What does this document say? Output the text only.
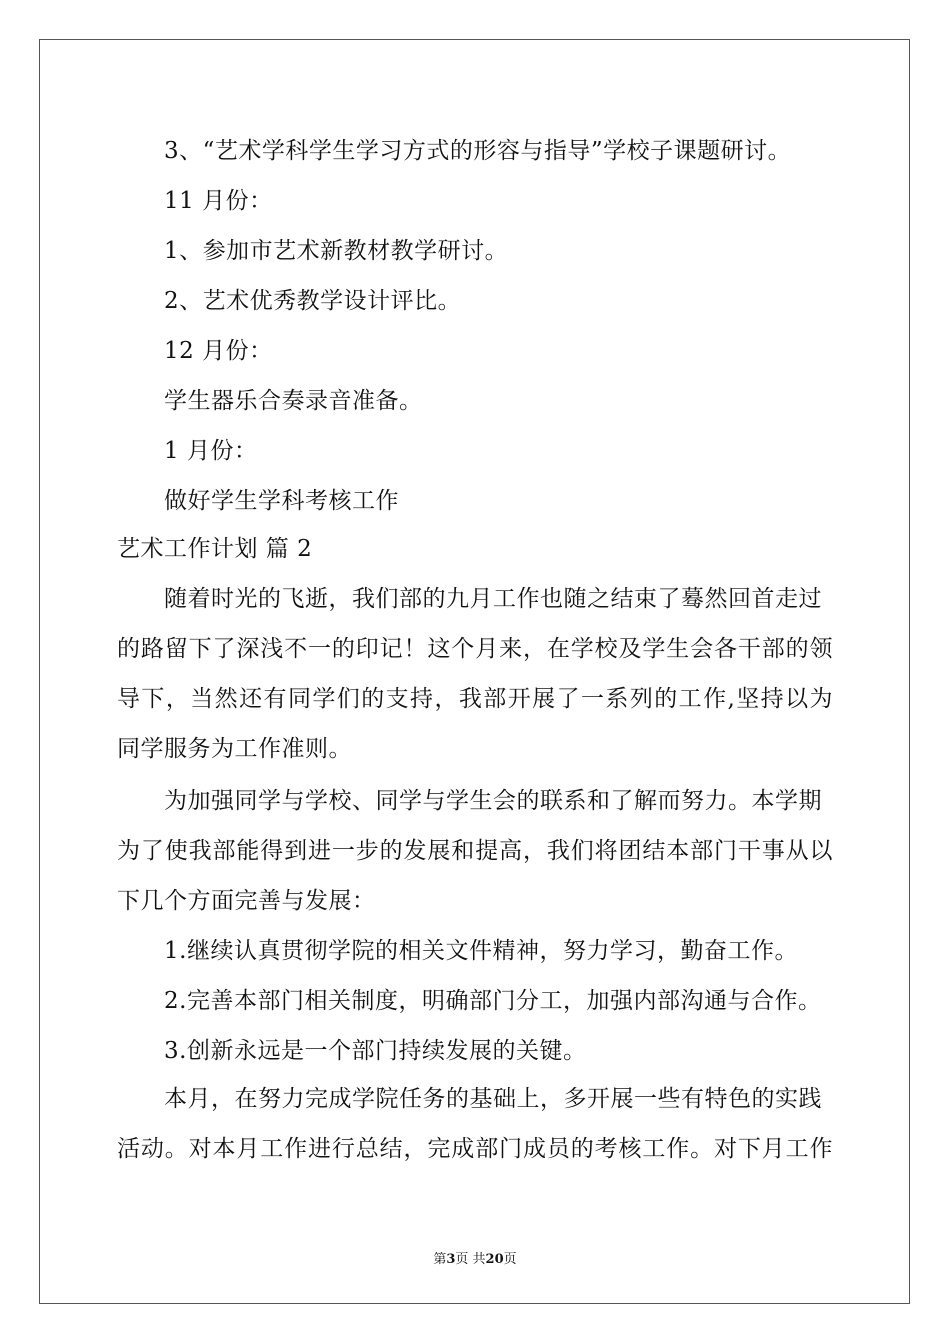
3、“艺术学科学生学习方式的形容与指导”学校子课题研讨。
11 月份：
1、参加市艺术新教材教学研讨。
2、艺术优秀教学设计评比。
12 月份：
学生器乐合奏录音准备。
1 月份：
做好学生学科考核工作
艺术工作计划 篇 2
随着时光的飞逝，我们部的九月工作也随之结束了蓦然回首走过
的路留下了深浅不一的印记！这个月来，在学校及学生会各干部的领
导下，当然还有同学们的支持，我部开展了一系列的工作,坚持以为
同学服务为工作准则。
为加强同学与学校、同学与学生会的联系和了解而努力。本学期
为了使我部能得到进一步的发展和提高，我们将团结本部门干事从以
下几个方面完善与发展：
1.继续认真贯彻学院的相关文件精神，努力学习，勤奋工作。
2.完善本部门相关制度，明确部门分工，加强内部沟通与合作。
3.创新永远是一个部门持续发展的关键。
本月，在努力完成学院任务的基础上，多开展一些有特色的实践
活动。对本月工作进行总结，完成部门成员的考核工作。对下月工作
第3页 共20页
